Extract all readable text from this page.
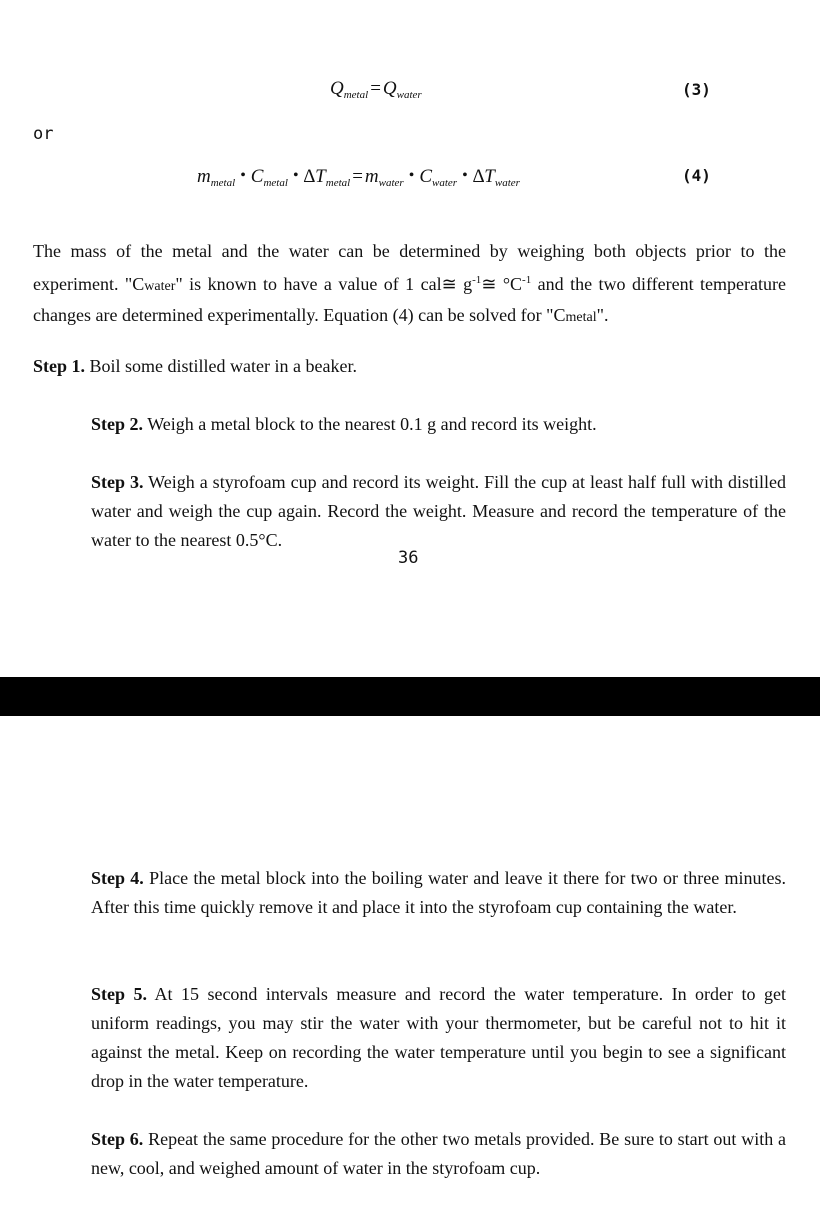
$Q_{metal} = Q_{water}$	(3)
or
$m_{metal}$ • $C_{metal}$ • $\Delta T_{metal} = m_{water}$ • $C_{water}$ • $\Delta T_{water}$	(4)
The mass of the metal and the water can be determined by weighing both objects prior to the experiment. "Cwater" is known to have a value of 1 cal≅ $g^{-1}≅$ $^\circ C^{-1}$ and the two different temperature changes are determined experimentally. Equation (4) can be solved for "Cmetal".
Step 1. Boil some distilled water in a beaker.
Step 2. Weigh a metal block to the nearest 0.1 g and record its weight.
Step 3. Weigh a styrofoam cup and record its weight. Fill the cup at least half full with distilled water and weigh the cup again. Record the weight. Measure and record the temperature of the water to the nearest 0.5°C.
36
Step 4. Place the metal block into the boiling water and leave it there for two or three minutes. After this time quickly remove it and place it into the styrofoam cup containing the water.
Step 5. At 15 second intervals measure and record the water temperature. In order to get uniform readings, you may stir the water with your thermometer, but be careful not to hit it against the metal. Keep on recording the water temperature until you begin to see a significant drop in the water temperature.
Step 6. Repeat the same procedure for the other two metals provided. Be sure to start out with a new, cool, and weighed amount of water in the styrofoam cup.
